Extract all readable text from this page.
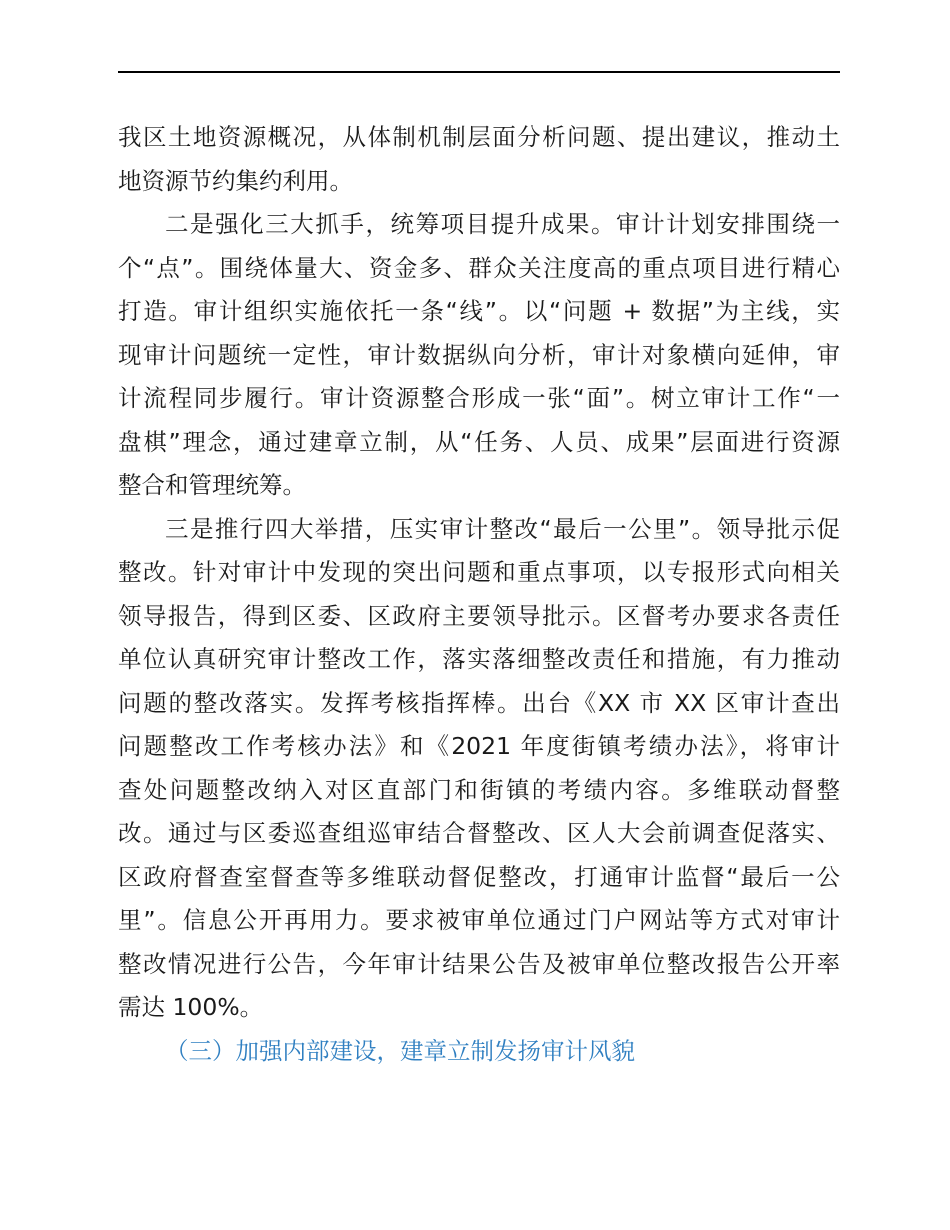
我区土地资源概况，从体制机制层面分析问题、提出建议，推动土
地资源节约集约利用。
二是强化三大抓手，统筹项目提升成果。审计计划安排围绕一
个“点”。围绕体量大、资金多、群众关注度高的重点项目进行精心
打造。审计组织实施依托一条“线”。以“问题 + 数据”为主线，实
现审计问题统一定性，审计数据纵向分析，审计对象横向延伸，审
计流程同步履行。审计资源整合形成一张“面”。树立审计工作“一
盘棋”理念，通过建章立制，从“任务、人员、成果”层面进行资源
整合和管理统筹。
三是推行四大举措，压实审计整改“最后一公里”。领导批示促
整改。针对审计中发现的突出问题和重点事项，以专报形式向相关
领导报告，得到区委、区政府主要领导批示。区督考办要求各责任
单位认真研究审计整改工作，落实落细整改责任和措施，有力推动
问题的整改落实。发挥考核指挥棒。出台《XX 市 XX 区审计查出
问题整改工作考核办法》和《2021 年度街镇考绩办法》，将审计
查处问题整改纳入对区直部门和街镇的考绩内容。多维联动督整
改。通过与区委巡查组巡审结合督整改、区人大会前调查促落实、
区政府督查室督查等多维联动督促整改，打通审计监督“最后一公
里”。信息公开再用力。要求被审单位通过门户网站等方式对审计
整改情况进行公告，今年审计结果公告及被审单位整改报告公开率
需达 100%。
（三）加强内部建设，建章立制发扬审计风貌
